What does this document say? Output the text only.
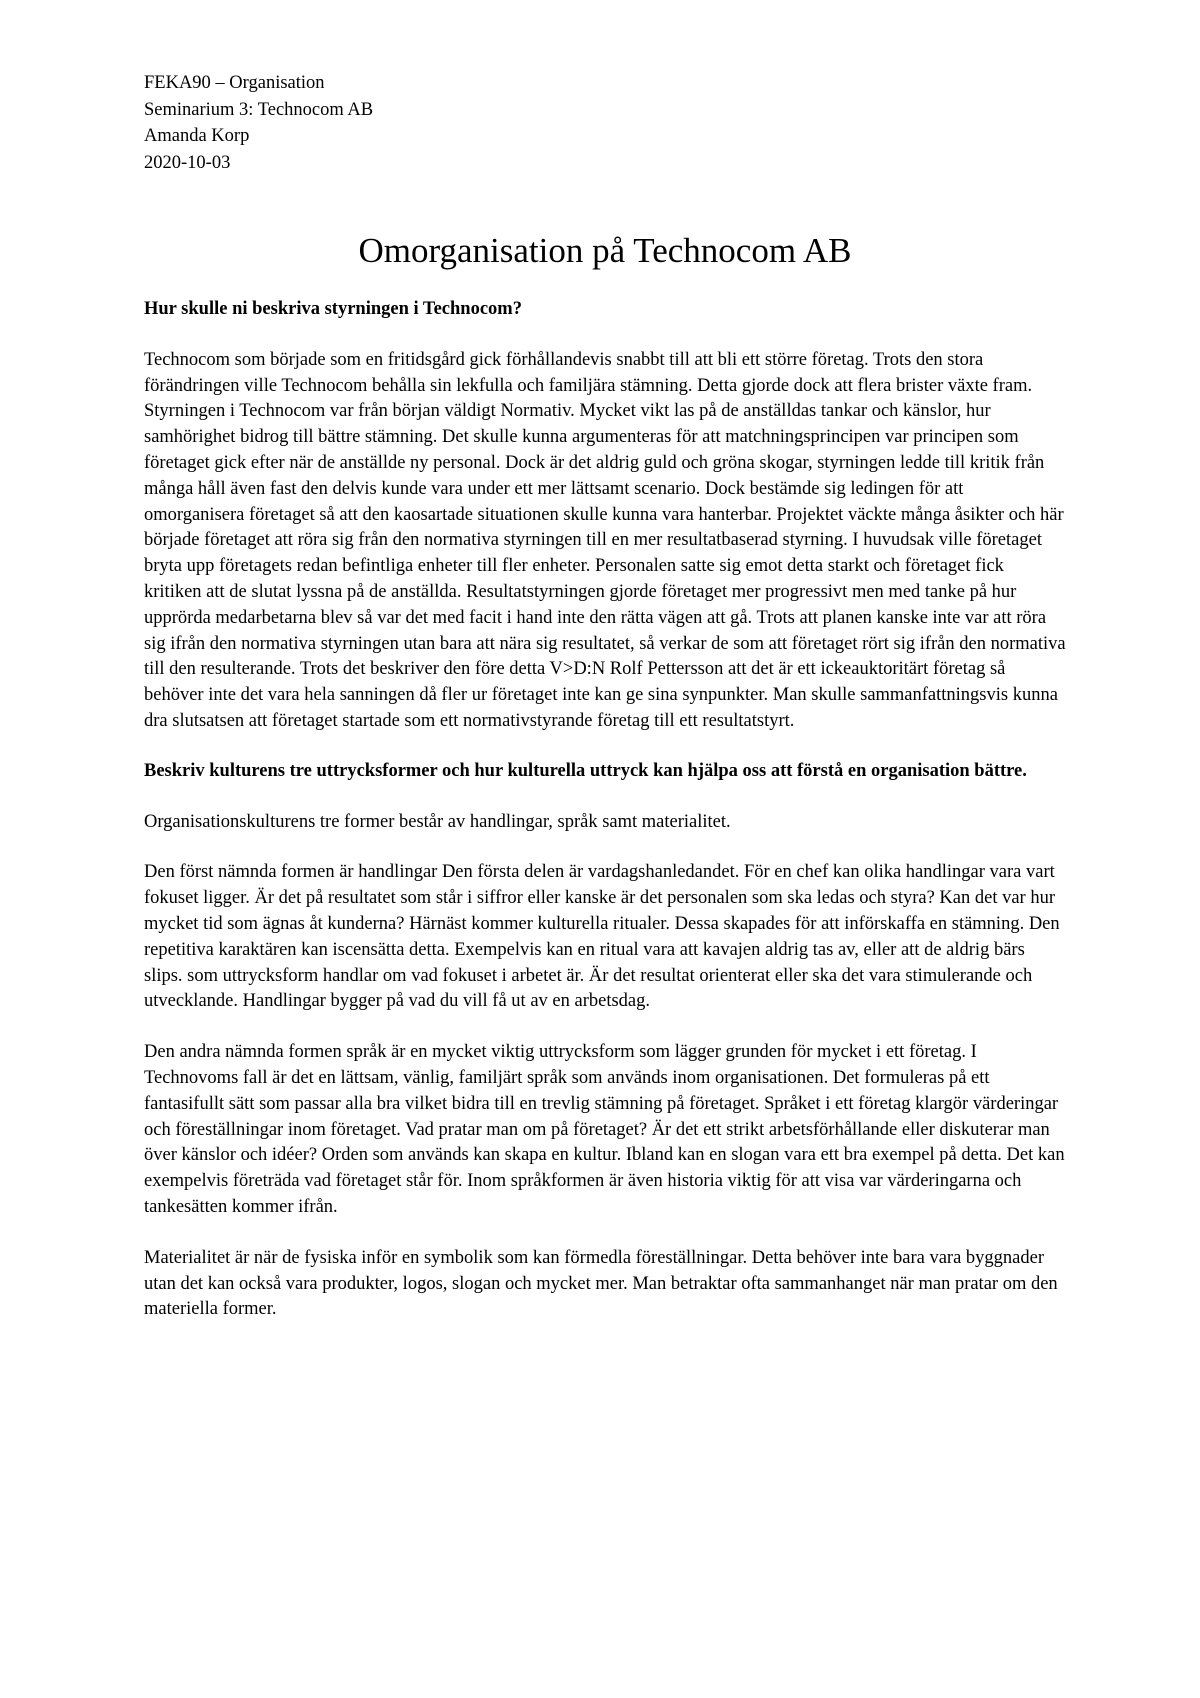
FEKA90 – Organisation

Seminarium 3: Technocom AB

Amanda Korp

2020-10-03

Omorganisation på Technocom AB

Hur skulle ni beskriva styrningen i Technocom?

Technocom som började som en fritidsgård gick förhållandevis snabbt till att bli ett större företag. Trots den stora förändringen ville Technocom behålla sin lekfulla och familjära stämning. Detta gjorde dock att flera brister växte fram. Styrningen i Technocom var från början väldigt Normativ. Mycket vikt las på de anställdas tankar och känslor, hur samhörighet bidrog till bättre stämning. Det skulle kunna argumenteras för att matchningsprincipen var principen som företaget gick efter när de anställde ny personal. Dock är det aldrig guld och gröna skogar, styrningen ledde till kritik från många håll även fast den delvis kunde vara under ett mer lättsamt scenario. Dock bestämde sig ledingen för att omorganisera företaget så att den kaosartade situationen skulle kunna vara hanterbar. Projektet väckte många åsikter och här började företaget att röra sig från den normativa styrningen till en mer resultatbaserad styrning. I huvudsak ville företaget bryta upp företagets redan befintliga enheter till fler enheter. Personalen satte sig emot detta starkt och företaget fick kritiken att de slutat lyssna på de anställda. Resultatstyrningen gjorde företaget mer progressivt men med tanke på hur upprörda medarbetarna blev så var det med facit i hand inte den rätta vägen att gå. Trots att planen kanske inte var att röra sig ifrån den normativa styrningen utan bara att nära sig resultatet, så verkar de som att företaget rört sig ifrån den normativa till den resulterande. Trots det beskriver den före detta V>D:N Rolf Pettersson att det är ett ickeauktoritärt företag så behöver inte det vara hela sanningen då fler ur företaget inte kan ge sina synpunkter. Man skulle sammanfattningsvis kunna dra slutsatsen att företaget startade som ett normativstyrande företag till ett resultatstyrt.

Beskriv kulturens tre uttrycksformer och hur kulturella uttryck kan hjälpa oss att förstå en organisation bättre.

Organisationskulturens tre former består av handlingar, språk samt materialitet.

Den först nämnda formen är handlingar Den första delen är vardagshanledandet. För en chef kan olika handlingar vara vart fokuset ligger. Är det på resultatet som står i siffror eller kanske är det personalen som ska ledas och styra? Kan det var hur mycket tid som ägnas åt kunderna? Härnäst kommer kulturella ritualer. Dessa skapades för att införskaffa en stämning. Den repetitiva karaktären kan iscensätta detta. Exempelvis kan en ritual vara att kavajen aldrig tas av, eller att de aldrig bärs slips. som uttrycksform handlar om vad fokuset i arbetet är. Är det resultat orienterat eller ska det vara stimulerande och utvecklande. Handlingar bygger på vad du vill få ut av en arbetsdag.

Den andra nämnda formen språk är en mycket viktig uttrycksform som lägger grunden för mycket i ett företag. I Technovoms fall är det en lättsam, vänlig, familjärt språk som används inom organisationen. Det formuleras på ett fantasifullt sätt som passar alla bra vilket bidra till en trevlig stämning på företaget. Språket i ett företag klargör värderingar och föreställningar inom företaget. Vad pratar man om på företaget? Är det ett strikt arbetsförhållande eller diskuterar man över känslor och idéer? Orden som används kan skapa en kultur. Ibland kan en slogan vara ett bra exempel på detta. Det kan exempelvis företräda vad företaget står för. Inom språkformen är även historia viktig för att visa var värderingarna och tankesätten kommer ifrån.

Materialitet är när de fysiska inför en symbolik som kan förmedla föreställningar. Detta behöver inte bara vara byggnader utan det kan också vara produkter, logos, slogan och mycket mer. Man betraktar ofta sammanhanget när man pratar om den materiella former.
